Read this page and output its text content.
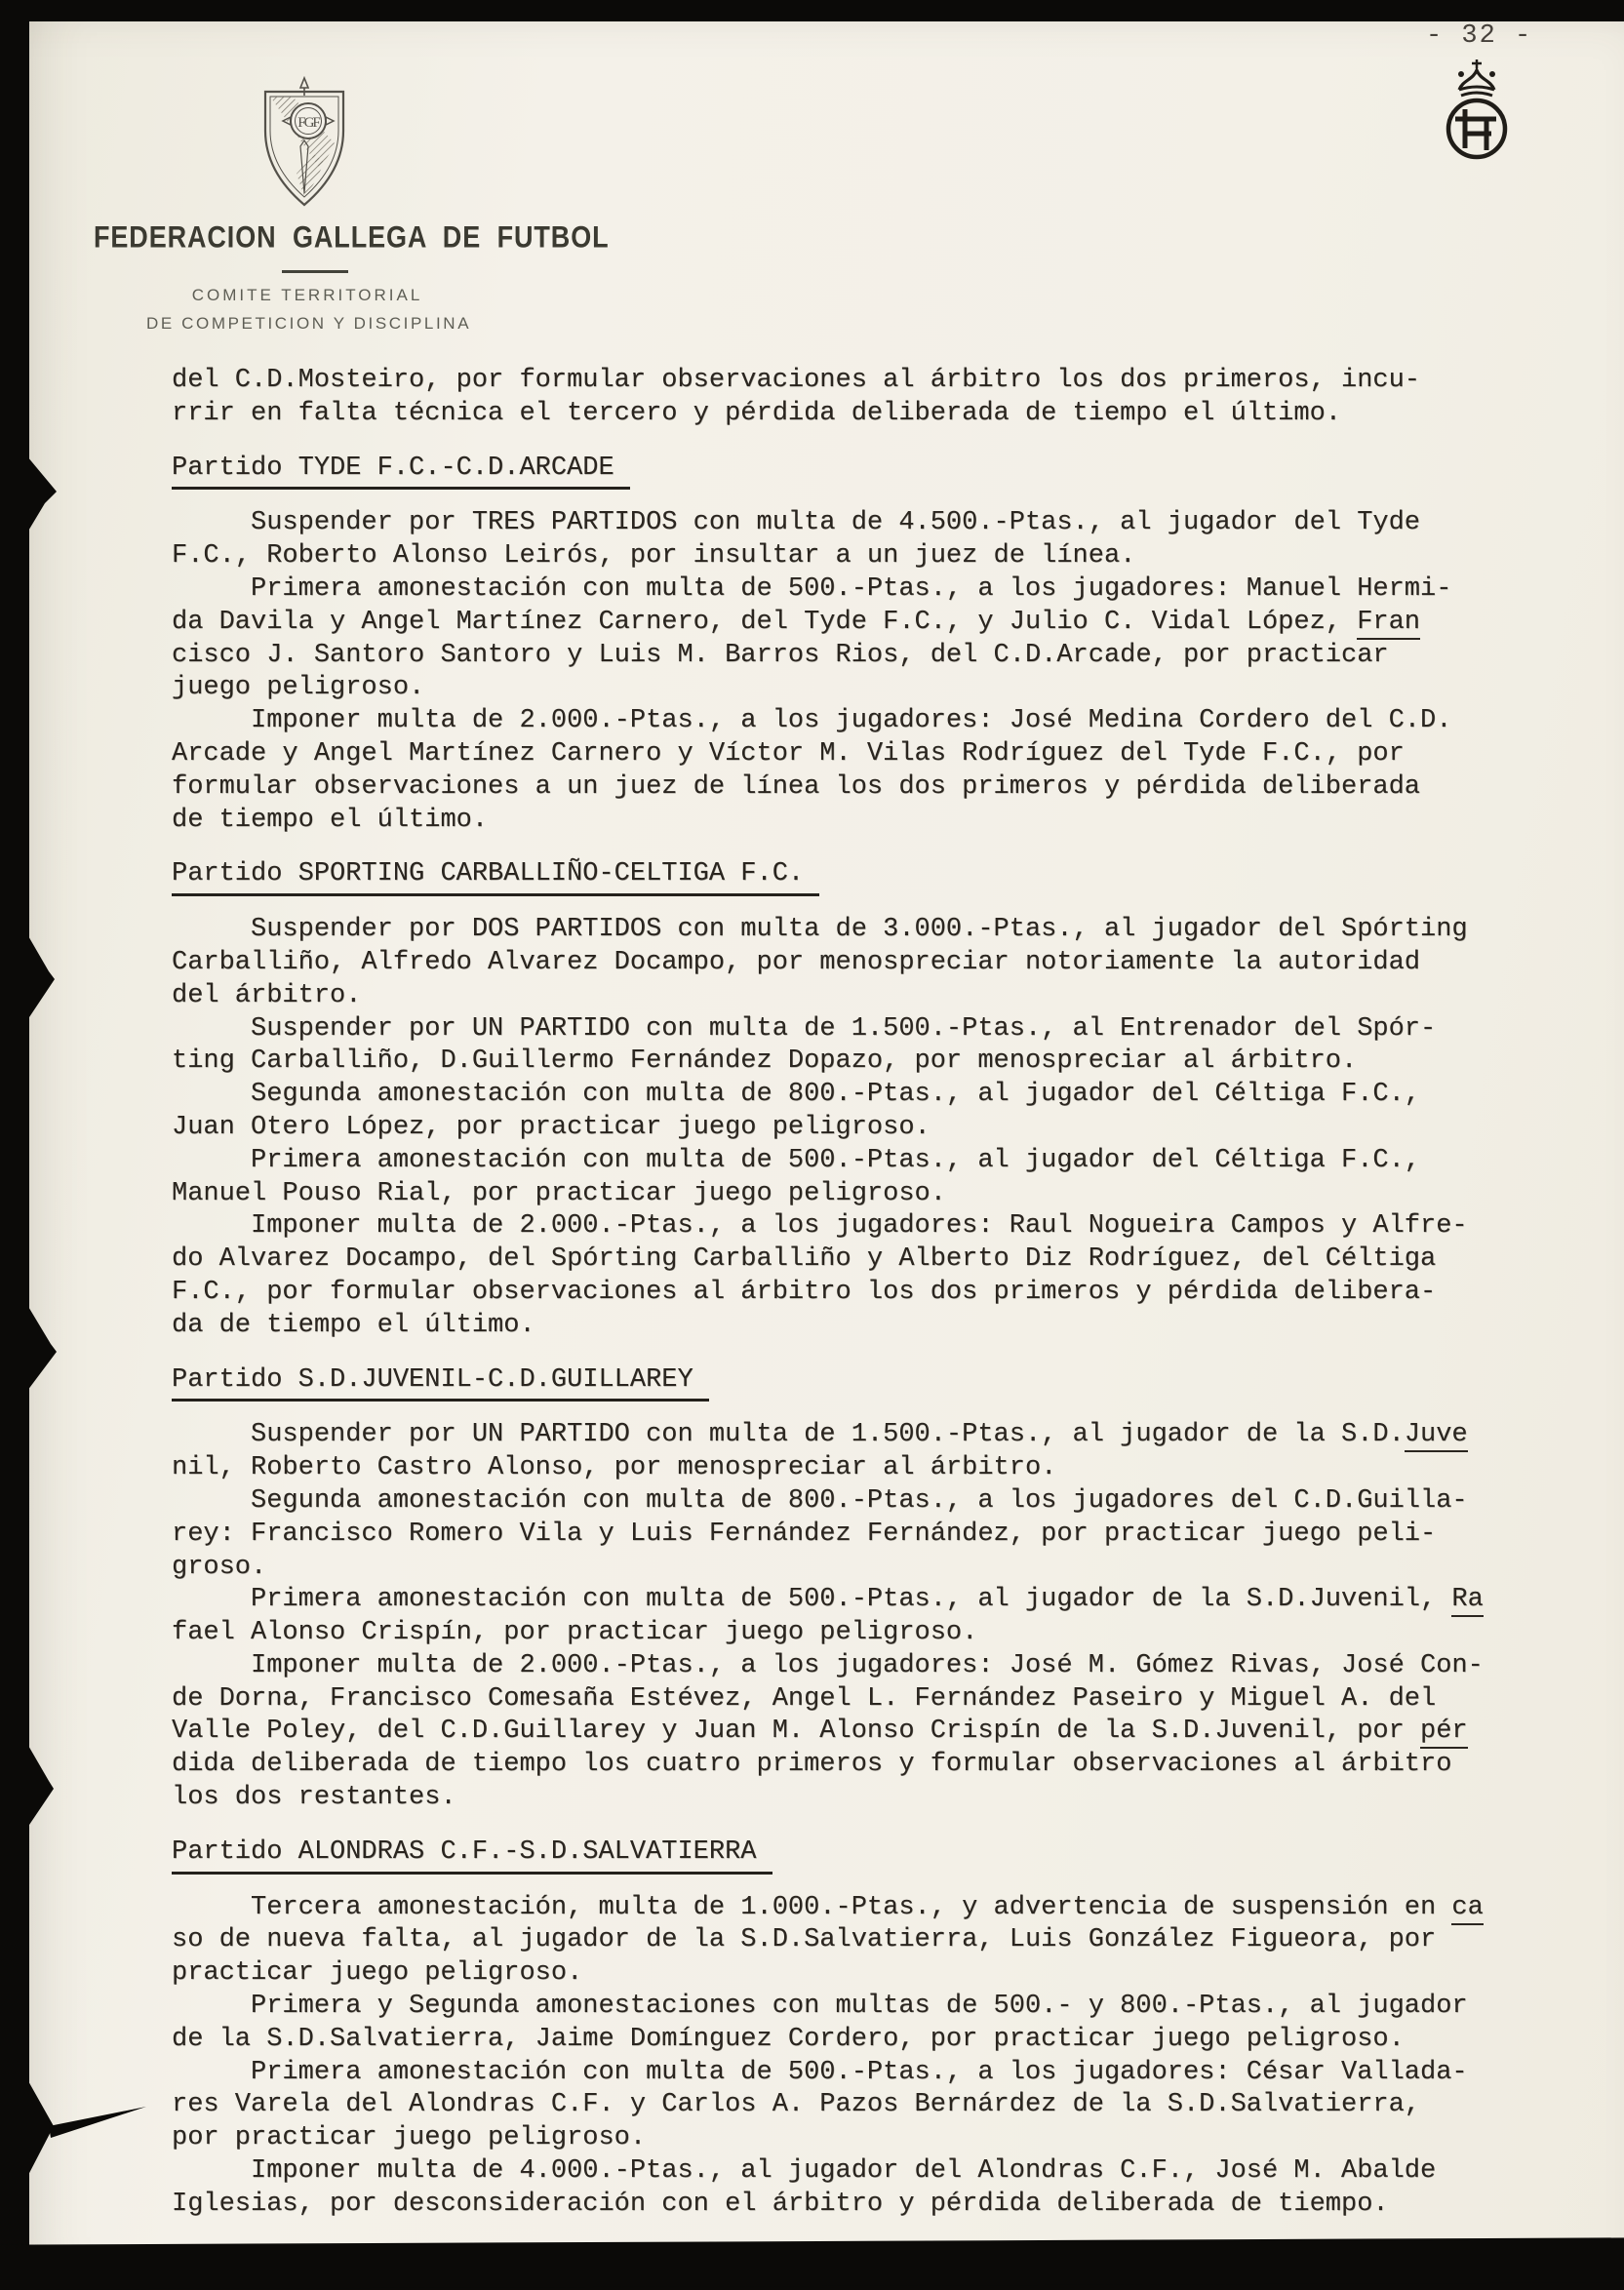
FGF
- 32 -
FEDERACION GALLEGA DE FUTBOL
COMITE TERRITORIAL
DE COMPETICION Y DISCIPLINA
del C.D.Mosteiro, por formular observaciones al árbitro los dos primeros, incu-
rrir en falta técnica el tercero y pérdida deliberada de tiempo el último.
Partido TYDE F.C.-C.D.ARCADE
Suspender por TRES PARTIDOS con multa de 4.500.-Ptas., al jugador del Tyde
F.C., Roberto Alonso Leirós, por insultar a un juez de línea.
Primera amonestación con multa de 500.-Ptas., a los jugadores: Manuel Hermi-
da Davila y Angel Martínez Carnero, del Tyde F.C., y Julio C. Vidal López, Fran
cisco J. Santoro Santoro y Luis M. Barros Rios, del C.D.Arcade, por practicar
juego peligroso.
Imponer multa de 2.000.-Ptas., a los jugadores: José Medina Cordero del C.D.
Arcade y Angel Martínez Carnero y Víctor M. Vilas Rodríguez del Tyde F.C., por
formular observaciones a un juez de línea los dos primeros y pérdida deliberada
de tiempo el último.
Partido SPORTING CARBALLIÑO-CELTIGA F.C.
Suspender por DOS PARTIDOS con multa de 3.000.-Ptas., al jugador del Spórting
Carballiño, Alfredo Alvarez Docampo, por menospreciar notoriamente la autoridad
del árbitro.
Suspender por UN PARTIDO con multa de 1.500.-Ptas., al Entrenador del Spór-
ting Carballiño, D.Guillermo Fernández Dopazo, por menospreciar al árbitro.
Segunda amonestación con multa de 800.-Ptas., al jugador del Céltiga F.C.,
Juan Otero López, por practicar juego peligroso.
Primera amonestación con multa de 500.-Ptas., al jugador del Céltiga F.C.,
Manuel Pouso Rial, por practicar juego peligroso.
Imponer multa de 2.000.-Ptas., a los jugadores: Raul Nogueira Campos y Alfre-
do Alvarez Docampo, del Spórting Carballiño y Alberto Diz Rodríguez, del Céltiga
F.C., por formular observaciones al árbitro los dos primeros y pérdida delibera-
da de tiempo el último.
Partido S.D.JUVENIL-C.D.GUILLAREY
Suspender por UN PARTIDO con multa de 1.500.-Ptas., al jugador de la S.D.Juve
nil, Roberto Castro Alonso, por menospreciar al árbitro.
Segunda amonestación con multa de 800.-Ptas., a los jugadores del C.D.Guilla-
rey: Francisco Romero Vila y Luis Fernández Fernández, por practicar juego peli-
groso.
Primera amonestación con multa de 500.-Ptas., al jugador de la S.D.Juvenil, Ra
fael Alonso Crispín, por practicar juego peligroso.
Imponer multa de 2.000.-Ptas., a los jugadores: José M. Gómez Rivas, José Con-
de Dorna, Francisco Comesaña Estévez, Angel L. Fernández Paseiro y Miguel A. del
Valle Poley, del C.D.Guillarey y Juan M. Alonso Crispín de la S.D.Juvenil, por pér
dida deliberada de tiempo los cuatro primeros y formular observaciones al árbitro
los dos restantes.
Partido ALONDRAS C.F.-S.D.SALVATIERRA
Tercera amonestación, multa de 1.000.-Ptas., y advertencia de suspensión en ca
so de nueva falta, al jugador de la S.D.Salvatierra, Luis González Figueora, por
practicar juego peligroso.
Primera y Segunda amonestaciones con multas de 500.- y 800.-Ptas., al jugador
de la S.D.Salvatierra, Jaime Domínguez Cordero, por practicar juego peligroso.
Primera amonestación con multa de 500.-Ptas., a los jugadores: César Vallada-
res Varela del Alondras C.F. y Carlos A. Pazos Bernárdez de la S.D.Salvatierra,
por practicar juego peligroso.
Imponer multa de 4.000.-Ptas., al jugador del Alondras C.F., José M. Abalde
Iglesias, por desconsideración con el árbitro y pérdida deliberada de tiempo.
